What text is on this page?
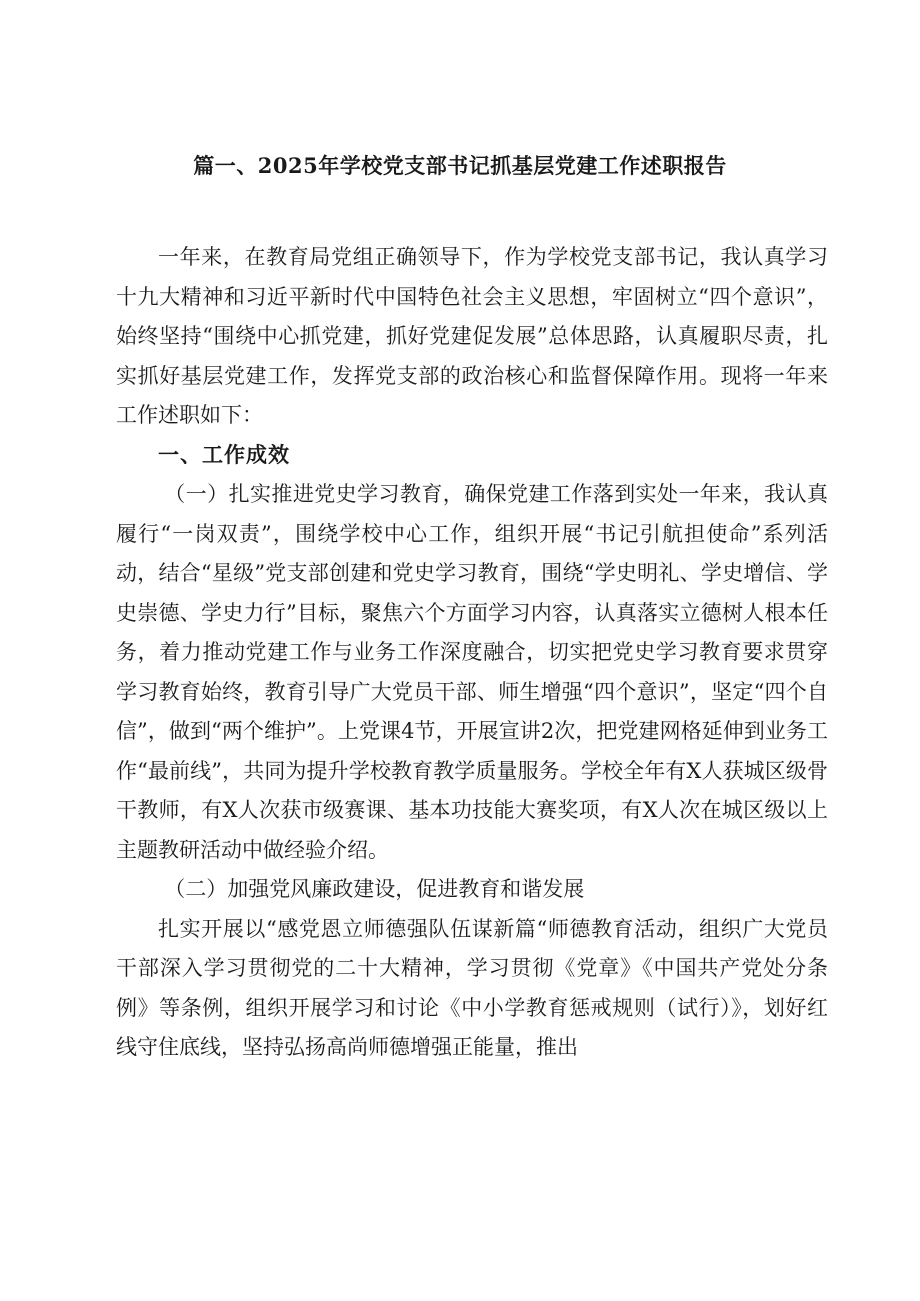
篇一、2025年学校党支部书记抓基层党建工作述职报告

一年来，在教育局党组正确领导下，作为学校党支部书记，我认真学习十九大精神和习近平新时代中国特色社会主义思想，牢固树立“四个意识”，始终坚持“围绕中心抓党建，抓好党建促发展”总体思路，认真履职尽责，扎实抓好基层党建工作，发挥党支部的政治核心和监督保障作用。现将一年来工作述职如下：

一、工作成效

（一）扎实推进党史学习教育，确保党建工作落到实处一年来，我认真履行“一岗双责”，围绕学校中心工作，组织开展“书记引航担使命”系列活动，结合“星级”党支部创建和党史学习教育，围绕“学史明礼、学史增信、学史崇德、学史力行”目标，聚焦六个方面学习内容，认真落实立德树人根本任务，着力推动党建工作与业务工作深度融合，切实把党史学习教育要求贯穿学习教育始终，教育引导广大党员干部、师生增强“四个意识”，坚定“四个自信”，做到“两个维护”。上党课4节，开展宣讲2次，把党建网格延伸到业务工作“最前线”，共同为提升学校教育教学质量服务。学校全年有X人获城区级骨干教师，有X人次获市级赛课、基本功技能大赛奖项，有X人次在城区级以上主题教研活动中做经验介绍。

（二）加强党风廉政建设，促进教育和谐发展

扎实开展以“感党恩立师德强队伍谋新篇“师德教育活动，组织广大党员干部深入学习贯彻党的二十大精神，学习贯彻《党章》《中国共产党处分条例》等条例，组织开展学习和讨论《中小学教育惩戒规则（试行）》，划好红线守住底线，坚持弘扬高尚师德增强正能量，推出
